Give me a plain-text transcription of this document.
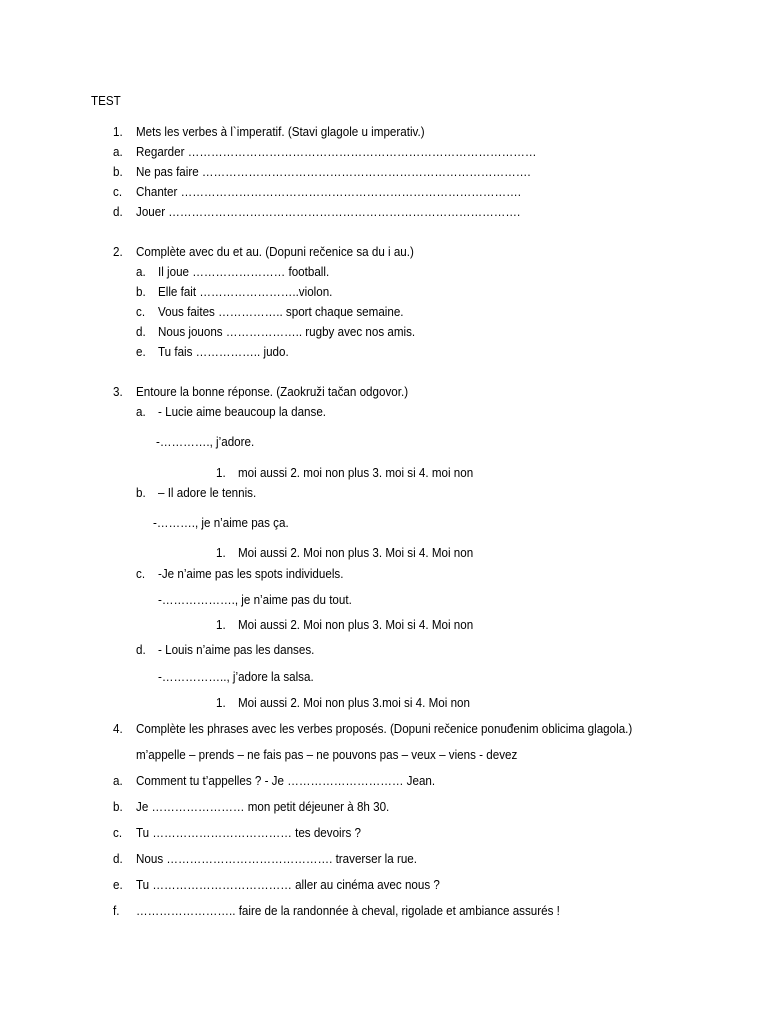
TEST
1. Mets les verbes à l`imperatif. (Stavi glagole u imperativ.)
a. Regarder ………………………………………………………………………………
b. Ne pas faire ………………………………………………………………………….
c. Chanter …………………………………………………………………………….
d. Jouer ……………………………………………………………………………….
2. Complète avec du et au. (Dopuni rečenice sa du i au.)
a. Il joue …………………… football.
b. Elle fait ……………………..violon.
c. Vous faites …………….. sport chaque semaine.
d. Nous jouons ……………….. rugby avec nos amis.
e. Tu fais …………….. judo.
3. Entoure la bonne réponse. (Zaokruži tačan odgovor.)
a. - Lucie aime beaucoup la danse.
-…………., j’adore.
1. moi aussi 2. moi non plus 3. moi si 4. moi non
b. – Il adore le tennis.
-………., je n’aime pas ça.
1. Moi aussi 2. Moi non plus 3. Moi si 4. Moi non
c. -Je n’aime pas les spots individuels.
-………………., je n’aime pas du tout.
1. Moi aussi 2. Moi non plus 3. Moi si 4. Moi non
d. - Louis n’aime pas les danses.
-…………….., j’adore la salsa.
1. Moi aussi 2. Moi non plus 3.moi si 4. Moi non
4. Complète les phrases avec les verbes proposés. (Dopuni rečenice ponuđenim oblicima glagola.)
m’appelle – prends – ne fais pas – ne pouvons pas – veux – viens - devez
a. Comment tu t’appelles ? - Je ………………………… Jean.
b. Je …………………… mon petit déjeuner à 8h 30.
c. Tu ……………………………… tes devoirs ?
d. Nous ……………………………………. traverser la rue.
e. Tu ……………………………… aller au cinéma avec nous ?
f. …………………….. faire de la randonnée à cheval, rigolade et ambiance assurés !
